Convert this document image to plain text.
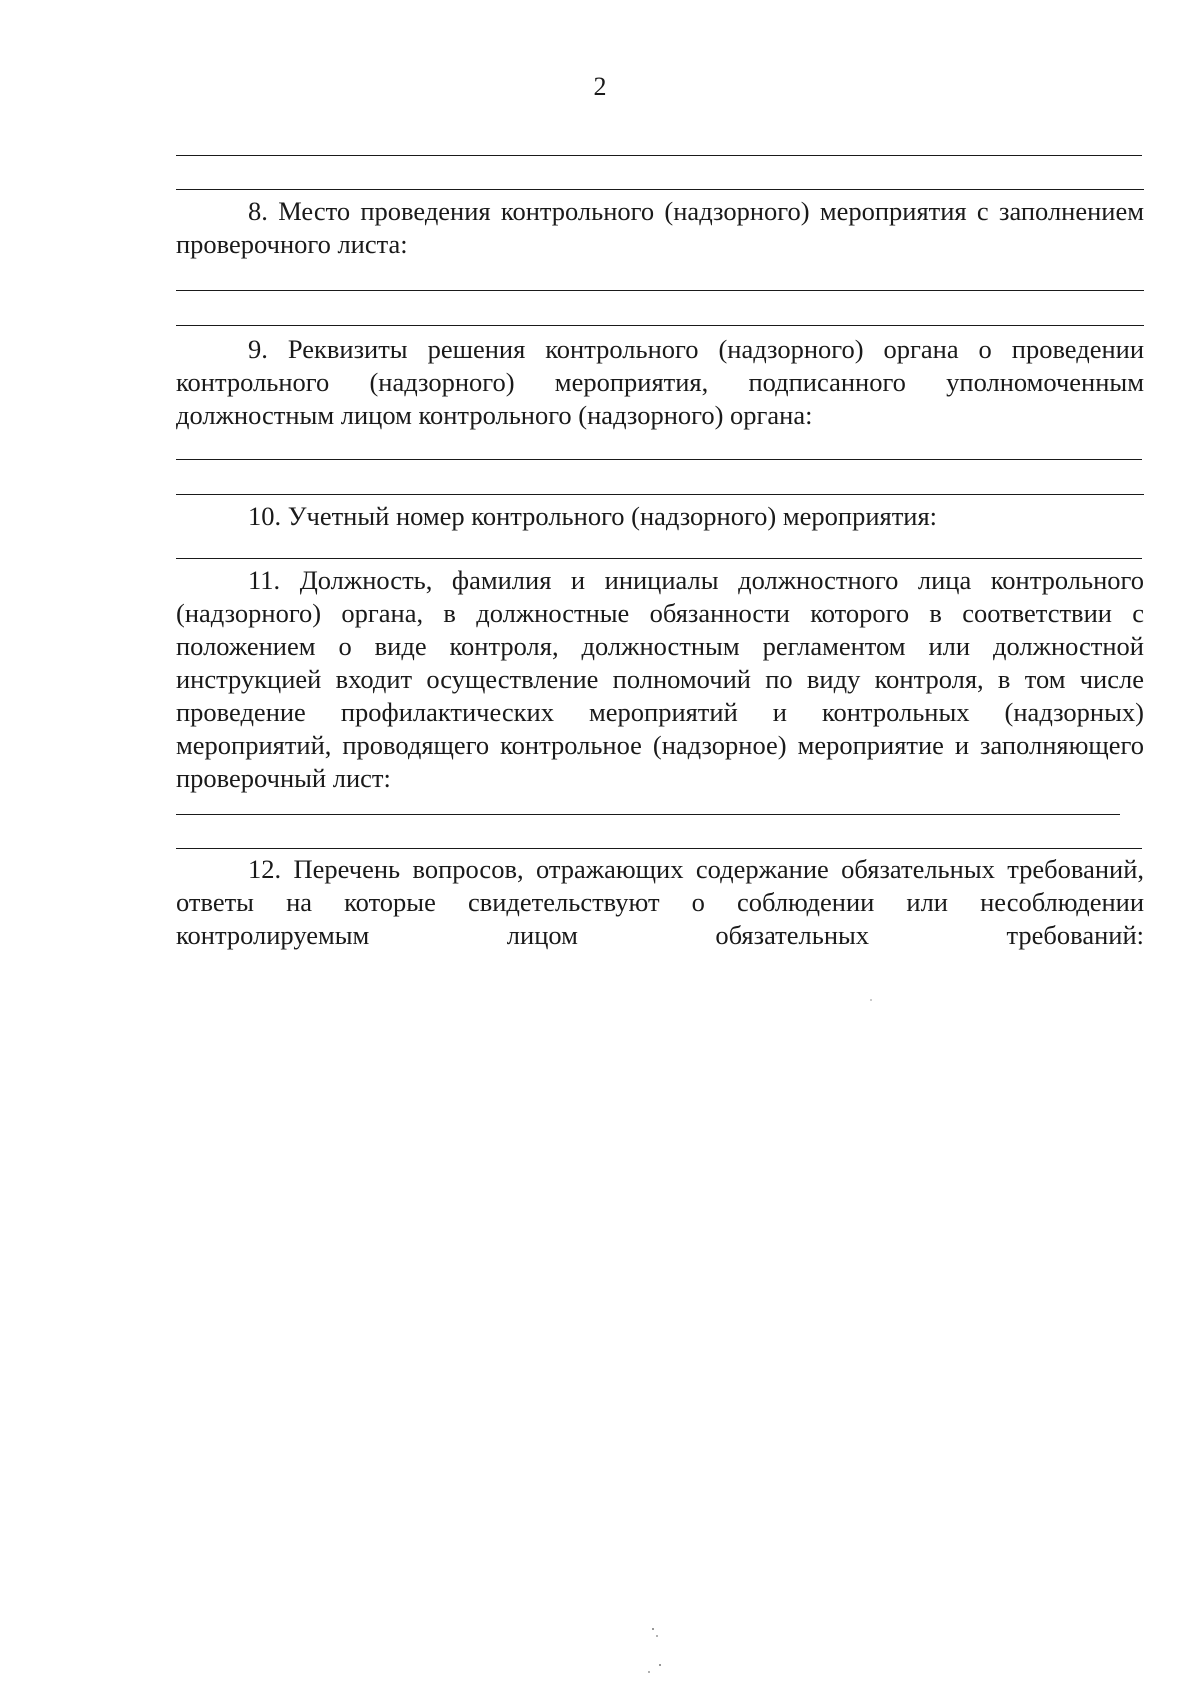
2

8. Место проведения контрольного (надзорного) мероприятия с заполнением проверочного листа:

9. Реквизиты решения контрольного (надзорного) органа о проведении контрольного (надзорного) мероприятия, подписанного уполномоченным должностным лицом контрольного (надзорного) органа:

10. Учетный номер контрольного (надзорного) мероприятия:

11. Должность, фамилия и инициалы должностного лица контрольного (надзорного) органа, в должностные обязанности которого в соответствии с положением о виде контроля, должностным регламентом или должностной инструкцией входит осуществление полномочий по виду контроля, в том числе проведение профилактических мероприятий и контрольных (надзорных) мероприятий, проводящего контрольное (надзорное) мероприятие и заполняющего проверочный лист:

12. Перечень вопросов, отражающих содержание обязательных требований, ответы на которые свидетельствуют о соблюдении или несоблюдении контролируемым лицом обязательных требований:
